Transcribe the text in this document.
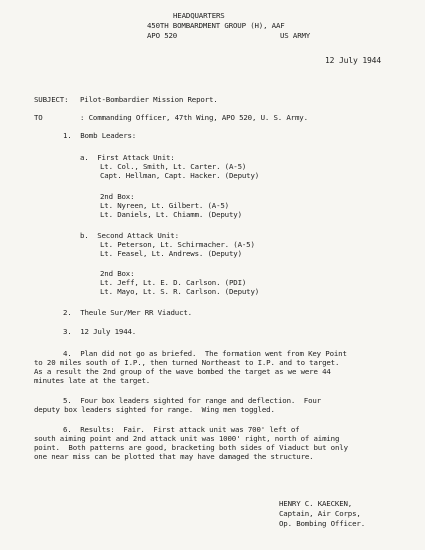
HEADQUARTERS
450TH BOMBARDMENT GROUP (H), AAF
APO 520	US ARMY
12 July 1944
SUBJECT: Pilot-Bombardier Mission Report.
TO	: Commanding Officer, 47th Wing, APO 520, U. S. Army.
1.  Bomb Leaders:
a.  First Attack Unit:
Lt. Col., Smith, Lt. Carter. (A-5)
Capt. Hellman, Capt. Hacker. (Deputy)
2nd Box:
Lt. Nyreen, Lt. Gilbert. (A-5)
Lt. Daniels, Lt. Chiamm. (Deputy)
b.  Second Attack Unit:
Lt. Peterson, Lt. Schirmacher. (A-5)
Lt. Feasel, Lt. Andrews. (Deputy)
2nd Box:
Lt. Jeff, Lt. E. D. Carlson. (PDI)
Lt. Mayo, Lt. S. R. Carlson. (Deputy)
2.  Theule Sur/Mer RR Viaduct.
3.  12 July 1944.
4.  Plan did not go as briefed.  The formation went from Key Point
to 20 miles south of I.P., then turned Northeast to I.P. and to target.
As a result the 2nd group of the wave bombed the target as we were 44
minutes late at the target.
5.  Four box leaders sighted for range and deflection.  Four
deputy box leaders sighted for range.  Wing men toggled.
6.  Results:  Fair.  First attack unit was 700' left of
south aiming point and 2nd attack unit was 1000' right, north of aiming
point.  Both patterns are good, bracketing both sides of Viaduct but only
one near miss can be plotted that may have damaged the structure.
HENRY C. KAECKEN,
Captain, Air Corps,
Op. Bombing Officer.
